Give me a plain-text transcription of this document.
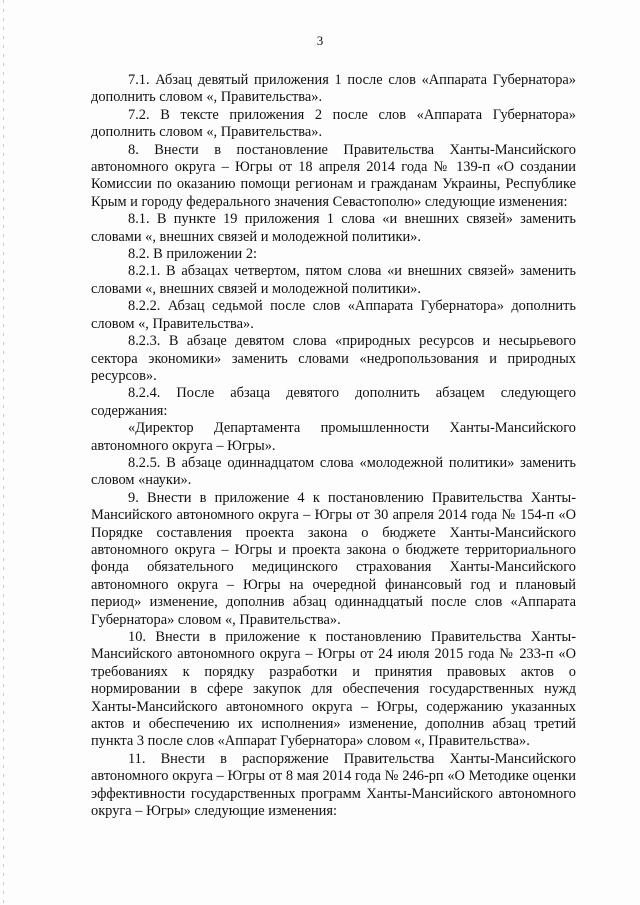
3

7.1. Абзац девятый приложения 1 после слов «Аппарата Губернатора» дополнить словом «, Правительства».

7.2. В тексте приложения 2 после слов «Аппарата Губернатора» дополнить словом «, Правительства».

8. Внести в постановление Правительства Ханты-Мансийского автономного округа – Югры от 18 апреля 2014 года № 139-п «О создании Комиссии по оказанию помощи регионам и гражданам Украины, Республике Крым и городу федерального значения Севастополю» следующие изменения:

8.1. В пункте 19 приложения 1 слова «и внешних связей» заменить словами «, внешних связей и молодежной политики».

8.2. В приложении 2:

8.2.1. В абзацах четвертом, пятом слова «и внешних связей» заменить словами «, внешних связей и молодежной политики».

8.2.2. Абзац седьмой после слов «Аппарата Губернатора» дополнить словом «, Правительства».

8.2.3. В абзаце девятом слова «природных ресурсов и несырьевого сектора экономики» заменить словами «недропользования и природных ресурсов».

8.2.4. После абзаца девятого дополнить абзацем следующего содержания:

«Директор Департамента промышленности Ханты-Мансийского автономного округа – Югры».

8.2.5. В абзаце одиннадцатом слова «молодежной политики» заменить словом «науки».

9. Внести в приложение 4 к постановлению Правительства Ханты-Мансийского автономного округа – Югры от 30 апреля 2014 года № 154-п «О Порядке составления проекта закона о бюджете Ханты-Мансийского автономного округа – Югры и проекта закона о бюджете территориального фонда обязательного медицинского страхования Ханты-Мансийского автономного округа – Югры на очередной финансовый год и плановый период» изменение, дополнив абзац одиннадцатый после слов «Аппарата Губернатора» словом «, Правительства».

10. Внести в приложение к постановлению Правительства Ханты-Мансийского автономного округа – Югры от 24 июля 2015 года № 233-п «О требованиях к порядку разработки и принятия правовых актов о нормировании в сфере закупок для обеспечения государственных нужд Ханты-Мансийского автономного округа – Югры, содержанию указанных актов и обеспечению их исполнения» изменение, дополнив абзац третий пункта 3 после слов «Аппарат Губернатора» словом «, Правительства».

11. Внести в распоряжение Правительства Ханты-Мансийского автономного округа – Югры от 8 мая 2014 года № 246-рп «О Методике оценки эффективности государственных программ Ханты-Мансийского автономного округа – Югры» следующие изменения:
